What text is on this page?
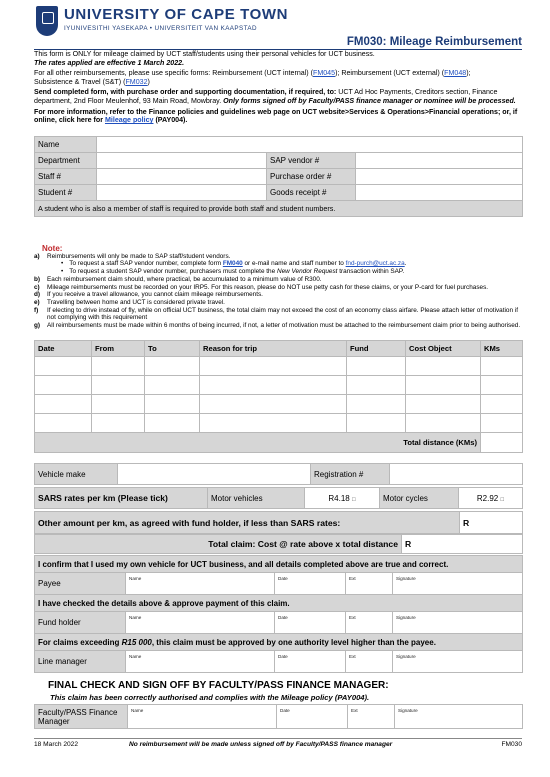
UNIVERSITY OF CAPE TOWN
IYUNIVESITHI YASEKAPA • UNIVERSITEIT VAN KAAPSTAD
FM030: Mileage Reimbursement

This form is ONLY for mileage claimed by UCT staff/students using their personal vehicles for UCT business.
The rates applied are effective 1 March 2022.

For all other reimbursements, please use specific forms: Reimbursement (UCT internal) (FM045); Reimbursement (UCT external) (FM048);
Subsistence & Travel (S&T) (FM032)

Send completed form, with purchase order and supporting documentation, if required, to: UCT Ad Hoc Payments, Creditors section, Finance department, 2nd Floor Meulenhof, 93 Main Road, Mowbray. Only forms signed off by Faculty/PASS finance manager or nominee will be processed.

For more information, refer to the Finance policies and guidelines web page on UCT website>Services & Operations>Financial operations; or, if online, click here for Mileage policy (PAY004).

Name			
Department		SAP vendor #	
Staff #		Purchase order #	
Student #		Goods receipt #	
A student who is also a member of staff is required to provide both staff and student numbers.			
Note:
a)	Reimbursements will only be made to SAP staff/student vendors.
	• To request a staff SAP vendor number, complete form FM040 or e-mail name and staff number to fnd-purch@uct.ac.za.
	• To request a student SAP vendor number, purchasers must complete the New Vendor Request transaction within SAP.
b)	Each reimbursement claim should, where practical, be accumulated to a minimum value of R300.
c)	Mileage reimbursements must be recorded on your IRP5. For this reason, please do NOT use petty cash for these claims, or your P-card for fuel purchases.
d)	If you receive a travel allowance, you cannot claim mileage reimbursements.
e)	Travelling between home and UCT is considered private travel.
f)	If electing to drive instead of fly, while on official UCT business, the total claim may not exceed the cost of an economy class airfare. Please attach letter of motivation if not complying with this requirement
g)	All reimbursements must be made within 6 months of being incurred, if not, a letter of motivation must be attached to the reimbursement claim prior to being authorised.
Date	From	To	Reason for trip	Fund	Cost Object	KMs

Total distance (KMs)						
Vehicle make		Registration #	
SARS rates per km (Please tick)	Motor vehicles	R4.18 □	Motor cycles	R2.92 □
Other amount per km, as agreed with fund holder, if less than SARS rates:	R
Total claim: Cost @ rate above x total distance	R
I confirm that I used my own vehicle for UCT business, and all details completed above are true and correct.
Payee	Name	Date	Ext	Signature
I have checked the details above & approve payment of this claim.
Fund holder	Name	Date	Ext	Signature
For claims exceeding R15 000, this claim must be approved by one authority level higher than the payee.
Line manager	Name	Date	Ext	Signature
FINAL CHECK AND SIGN OFF BY FACULTY/PASS FINANCE MANAGER:
This claim has been correctly authorised and complies with the Mileage policy (PAY004).
Faculty/PASS Finance Manager	Name	Date	Ext	Signature
18 March 2022	No reimbursement will be made unless signed off by Faculty/PASS finance manager	FM030
